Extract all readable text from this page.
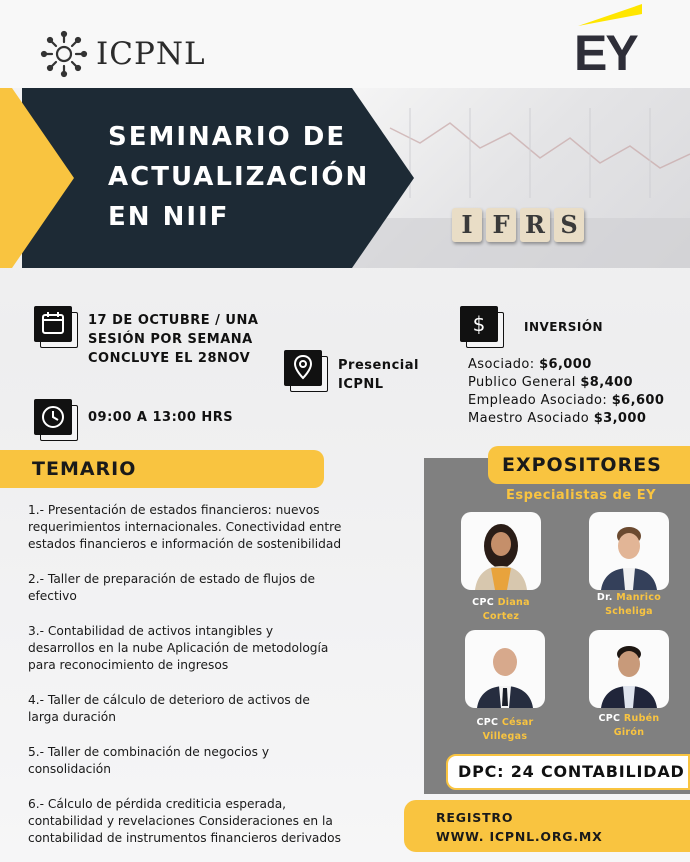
ICPNL	EY
SEMINARIO DE
ACTUALIZACIÓN
EN NIIF	I F R S
17 DE OCTUBRE / UNA
SESIÓN POR SEMANA
CONCLUYE EL 28NOV
09:00 A 13:00 HRS
Presencial
ICPNL
$	INVERSIÓN
Asociado: $6,000
Publico General $8,400
Empleado Asociado: $6,600
Maestro Asociado $3,000
TEMARIO
1.- Presentación de estados financieros: nuevos
requerimientos internacionales. Conectividad entre
estados financieros e información de sostenibilidad
2.- Taller de preparación de estado de flujos de
efectivo
3.- Contabilidad de activos intangibles y
desarrollos en la nube Aplicación de metodología
para reconocimiento de ingresos
4.- Taller de cálculo de deterioro de activos de
larga duración
5.- Taller de combinación de negocios y
consolidación
6.- Cálculo de pérdida crediticia esperada,
contabilidad y revelaciones Consideraciones en la
contabilidad de instrumentos financieros derivados
EXPOSITORES
Especialistas de EY
CPC Diana
Cortez
Dr. Manrico
Scheliga
CPC César
Villegas
CPC Rubén
Girón
DPC: 24 CONTABILIDAD
REGISTRO
WWW. ICPNL.ORG.MX
